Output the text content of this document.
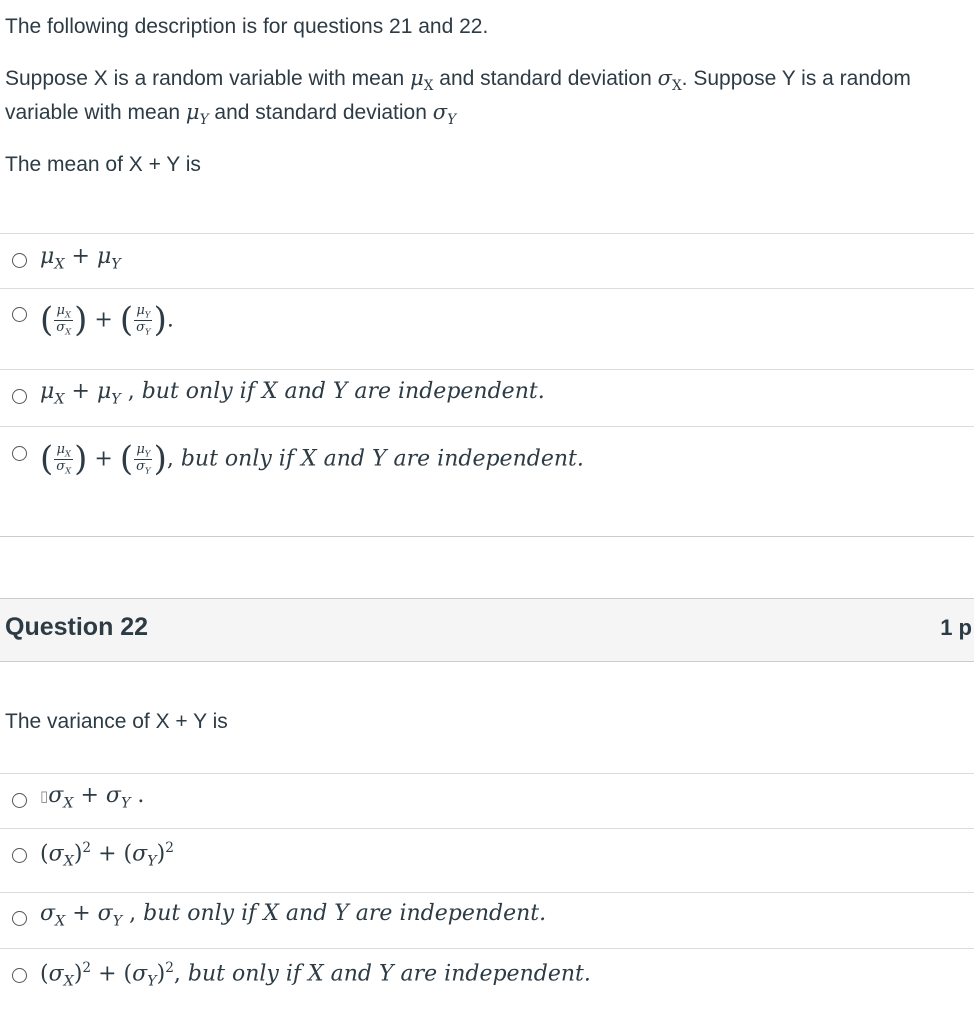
The following description is for questions 21 and 22.
Suppose X is a random variable with mean $\mu_X$ and standard deviation $\sigma_X$. Suppose Y is a random
variable with mean $\mu_Y$ and standard deviation $\sigma_Y$
The mean of X + Y is
$\mu_X + \mu_Y$
( $\frac{\mu_X}{\sigma_X}$ ) + ( $\frac{\mu_Y}{\sigma_Y}$ ).
$\mu_X + \mu_Y$ , but only if X and Y are independent.
( $\frac{\mu_X}{\sigma_X}$ ) + ( $\frac{\mu_Y}{\sigma_Y}$ ), but only if X and Y are independent.
Question 22	1 p
The variance of X + Y is
$▯\sigma_X + \sigma_Y$ .
$(\sigma_X)^2 + (\sigma_Y)^2$
$\sigma_X + \sigma_Y$ , but only if X and Y are independent.
$(\sigma_X)^2 + (\sigma_Y)^2$, but only if X and Y are independent.
